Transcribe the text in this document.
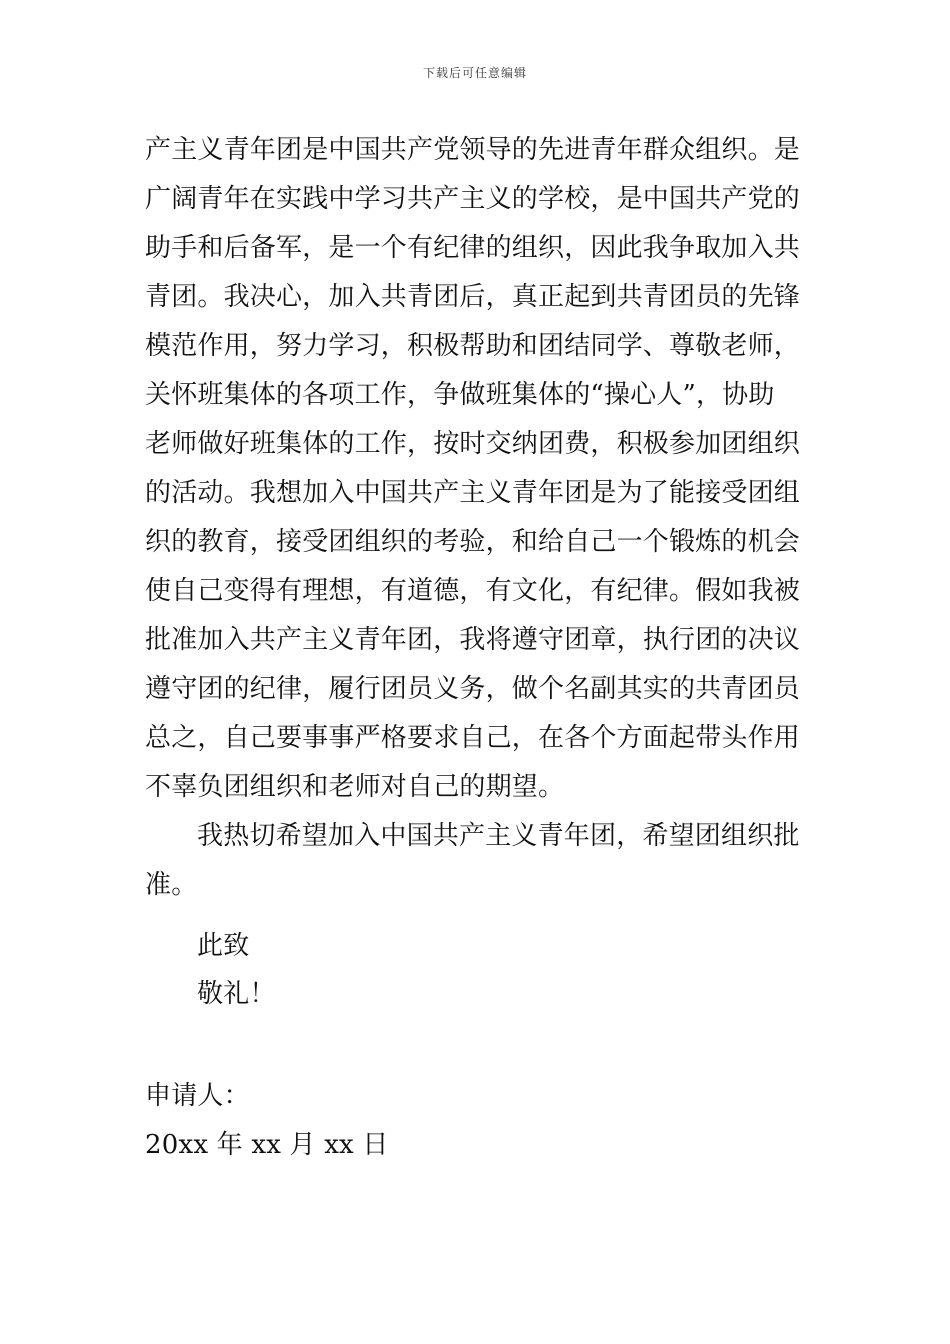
下载后可任意编辑
产主义青年团是中国共产党领导的先进青年群众组织。是
广阔青年在实践中学习共产主义的学校，是中国共产党的
助手和后备军，是一个有纪律的组织，因此我争取加入共
青团。我决心，加入共青团后，真正起到共青团员的先锋
模范作用，努力学习，积极帮助和团结同学、尊敬老师，
关怀班集体的各项工作，争做班集体的“操心人”，协助
老师做好班集体的工作，按时交纳团费，积极参加团组织
的活动。我想加入中国共产主义青年团是为了能接受团组
织的教育，接受团组织的考验，和给自己一个锻炼的机会
使自己变得有理想，有道德，有文化，有纪律。假如我被
批准加入共产主义青年团，我将遵守团章，执行团的决议
遵守团的纪律，履行团员义务，做个名副其实的共青团员
总之，自己要事事严格要求自己，在各个方面起带头作用
不辜负团组织和老师对自己的期望。
我热切希望加入中国共产主义青年团，希望团组织批
准。
此致
敬礼！
申请人：
20xx 年 xx 月 xx 日
